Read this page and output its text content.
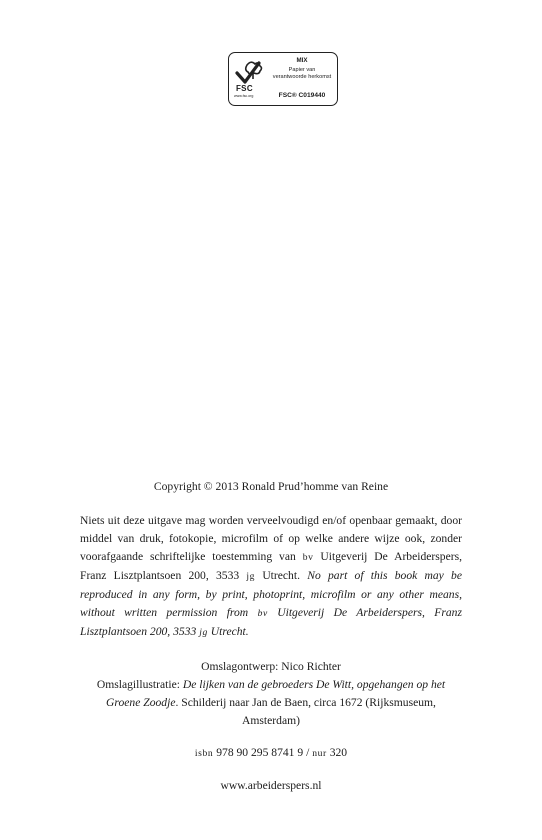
FSC
www.fsc.org
MIX
Papier van
verantwoorde herkomst
FSC® C019440

Copyright © 2013 Ronald Prud’homme van Reine

Niets uit deze uitgave mag worden verveelvoudigd en/of openbaar gemaakt, door middel van druk, fotokopie, microfilm of op welke andere wijze ook, zonder voorafgaande schriftelijke toestemming van bv Uitgeverij De Arbeiderspers, Franz Lisztplantsoen 200, 3533 jg Utrecht. No part of this book may be reproduced in any form, by print, photoprint, microfilm or any other means, without written permission from bv Uitgeverij De Arbeiderspers, Franz Lisztplantsoen 200, 3533 jg Utrecht.

Omslagontwerp: Nico Richter

Omslagillustratie: De lijken van de gebroeders De Witt, opgehangen op het Groene Zoodje. Schilderij naar Jan de Baen, circa 1672 (Rijksmuseum, Amsterdam)

isbn 978 90 295 8741 9 / nur 320

www.arbeiderspers.nl
